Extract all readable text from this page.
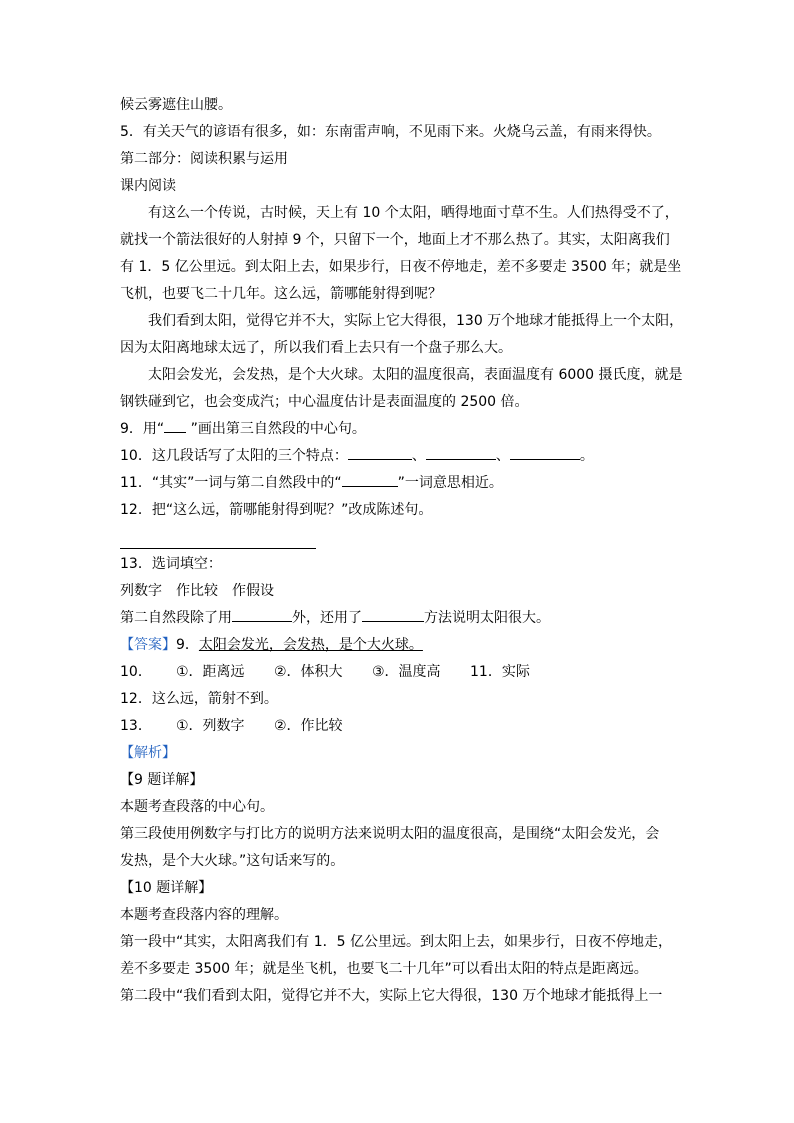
候云雾遮住山腰。
5．有关天气的谚语有很多，如：东南雷声响，不见雨下来。火烧乌云盖，有雨来得快。
第二部分：阅读积累与运用
课内阅读
有这么一个传说，古时候，天上有 10 个太阳，晒得地面寸草不生。人们热得受不了，
就找一个箭法很好的人射掉 9 个，只留下一个，地面上才不那么热了。其实，太阳离我们
有 1．5 亿公里远。到太阳上去，如果步行，日夜不停地走，差不多要走 3500 年；就是坐
飞机，也要飞二十几年。这么远，箭哪能射得到呢？
我们看到太阳，觉得它并不大，实际上它大得很，130 万个地球才能抵得上一个太阳，
因为太阳离地球太远了，所以我们看上去只有一个盘子那么大。
太阳会发光，会发热，是个大火球。太阳的温度很高，表面温度有 6000 摄氏度，就是
钢铁碰到它，也会变成汽；中心温度估计是表面温度的 2500 倍。
9．用“ ”画出第三自然段的中心句。
10．这几段话写了太阳的三个特点：	、	、	。
11．“其实”一词与第二自然段中的“	”一词意思相近。
12．把“这么远，箭哪能射得到呢？”改成陈述句。
13．选词填空：
列数字　作比较　作假设
第二自然段除了用	外，还用了	方法说明太阳很大。
【答案】9．太阳会发光，会发热，是个大火球。
10． ①．距离远 ②．体积大 ③．温度高 11．实际
12．这么远，箭射不到。
13． ①．列数字 ②．作比较
【解析】
【9 题详解】
本题考查段落的中心句。
第三段使用例数字与打比方的说明方法来说明太阳的温度很高，是围绕“太阳会发光，会
发热，是个大火球。”这句话来写的。
【10 题详解】
本题考查段落内容的理解。
第一段中“其实，太阳离我们有 1．5 亿公里远。到太阳上去，如果步行，日夜不停地走，
差不多要走 3500 年；就是坐飞机，也要飞二十几年”可以看出太阳的特点是距离远。
第二段中“我们看到太阳，觉得它并不大，实际上它大得很，130 万个地球才能抵得上一
